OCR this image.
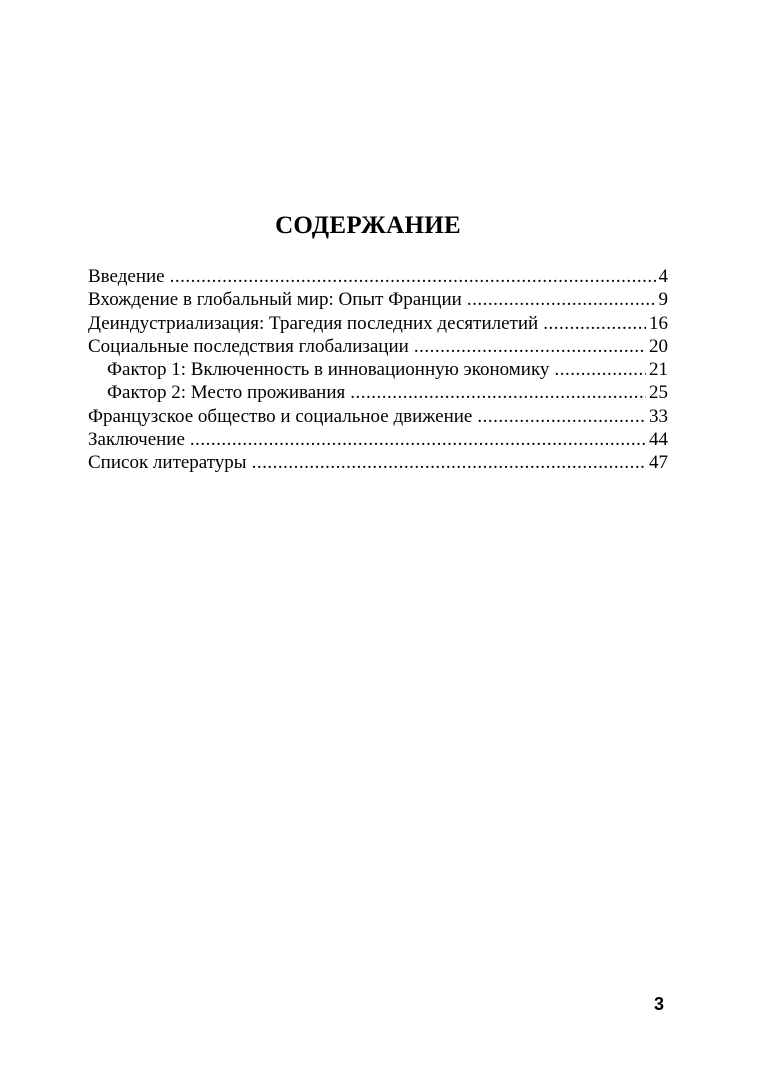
СОДЕРЖАНИЕ
Введение .....	4
Вхождение в глобальный мир: Опыт Франции .....	9
Деиндустриализация: Трагедия последних десятилетий .....	16
Социальные последствия глобализации .....	20
Фактор 1: Включенность в инновационную экономику .....	21
Фактор 2: Место проживания .....	25
Французское общество и социальное движение .....	33
Заключение .....	44
Список литературы .....	47
3
